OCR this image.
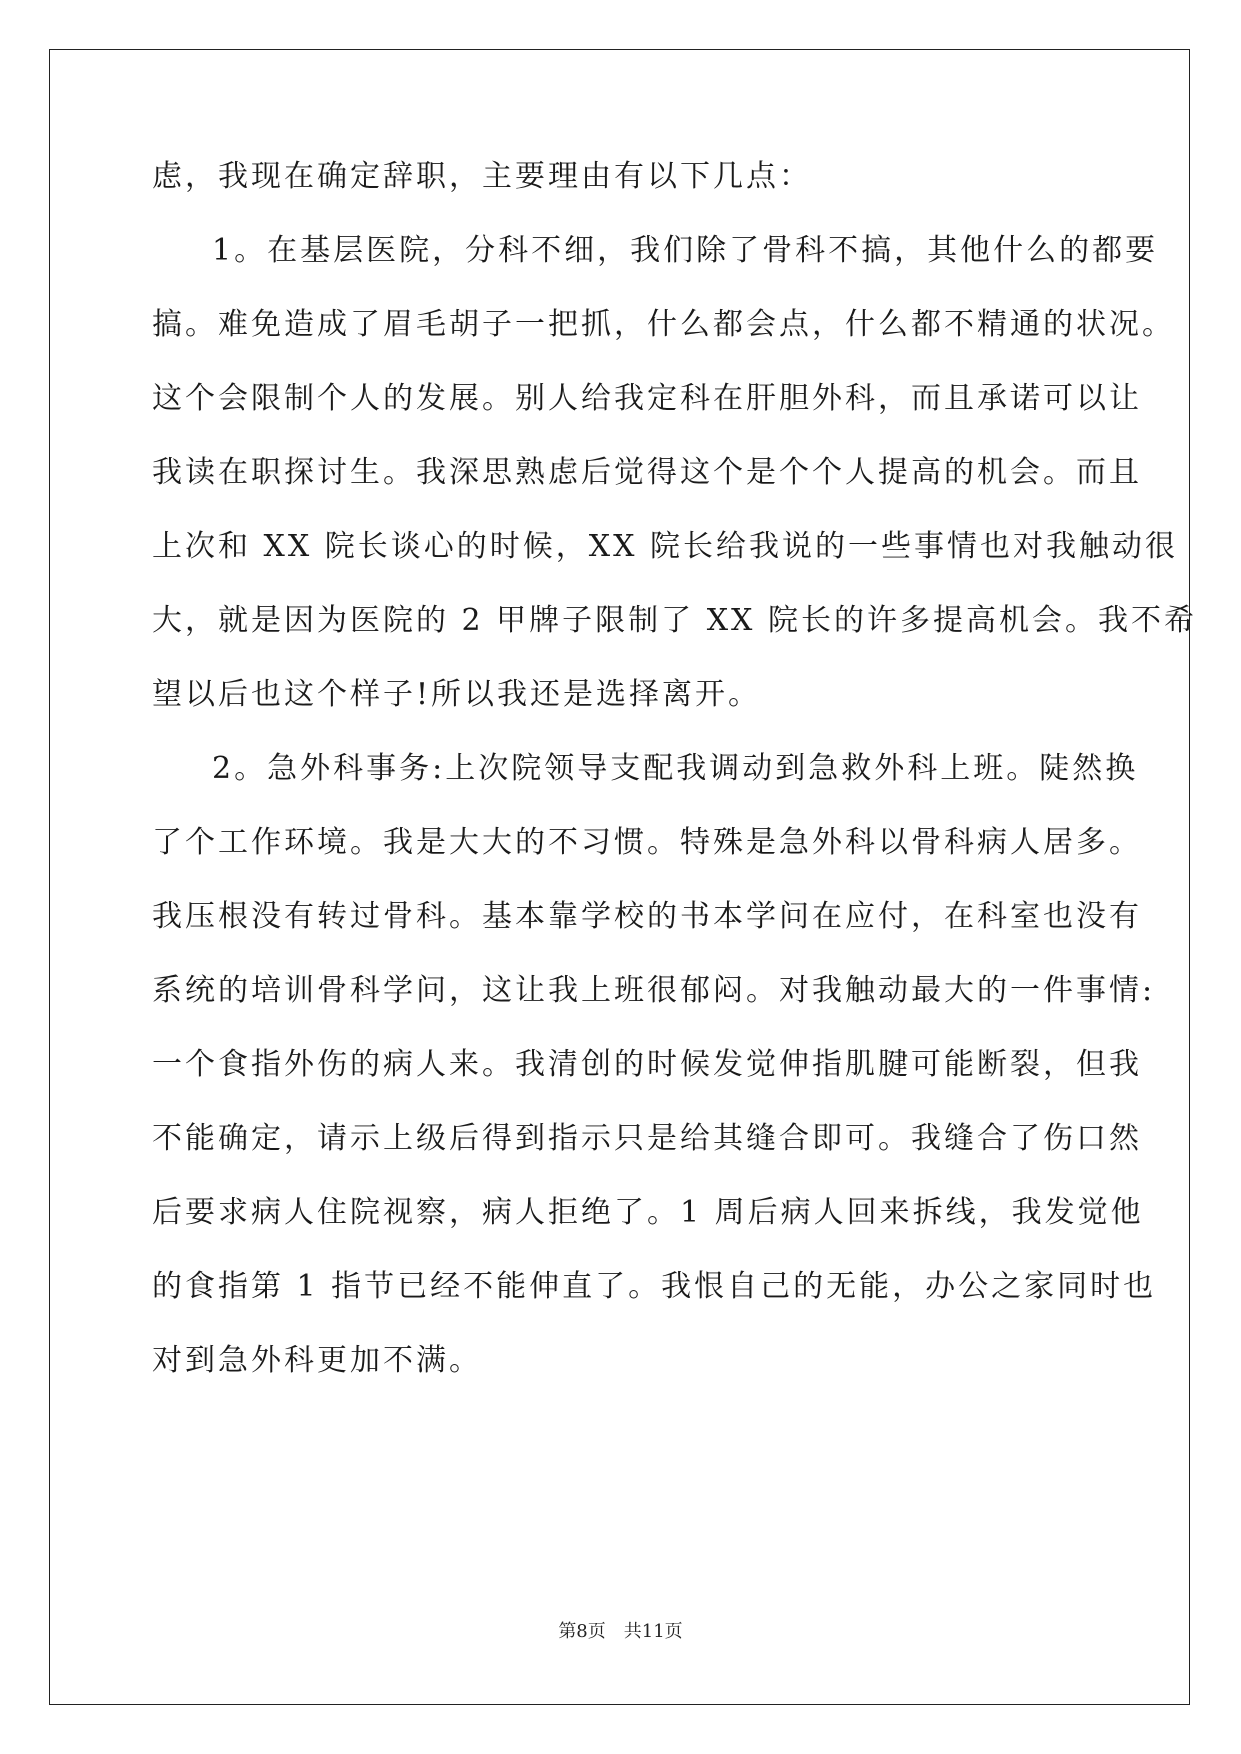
虑，我现在确定辞职，主要理由有以下几点：
1。在基层医院，分科不细，我们除了骨科不搞，其他什么的都要
搞。难免造成了眉毛胡子一把抓，什么都会点，什么都不精通的状况。
这个会限制个人的发展。别人给我定科在肝胆外科，而且承诺可以让
我读在职探讨生。我深思熟虑后觉得这个是个个人提高的机会。而且
上次和 XX 院长谈心的时候，XX 院长给我说的一些事情也对我触动很
大，就是因为医院的 2 甲牌子限制了 XX 院长的许多提高机会。我不希
望以后也这个样子!所以我还是选择离开。
2。急外科事务:上次院领导支配我调动到急救外科上班。陡然换
了个工作环境。我是大大的不习惯。特殊是急外科以骨科病人居多。
我压根没有转过骨科。基本靠学校的书本学问在应付，在科室也没有
系统的培训骨科学问，这让我上班很郁闷。对我触动最大的一件事情:
一个食指外伤的病人来。我清创的时候发觉伸指肌腱可能断裂，但我
不能确定，请示上级后得到指示只是给其缝合即可。我缝合了伤口然
后要求病人住院视察，病人拒绝了。1 周后病人回来拆线，我发觉他
的食指第 1 指节已经不能伸直了。我恨自己的无能，办公之家同时也
对到急外科更加不满。
第8页 共11页
